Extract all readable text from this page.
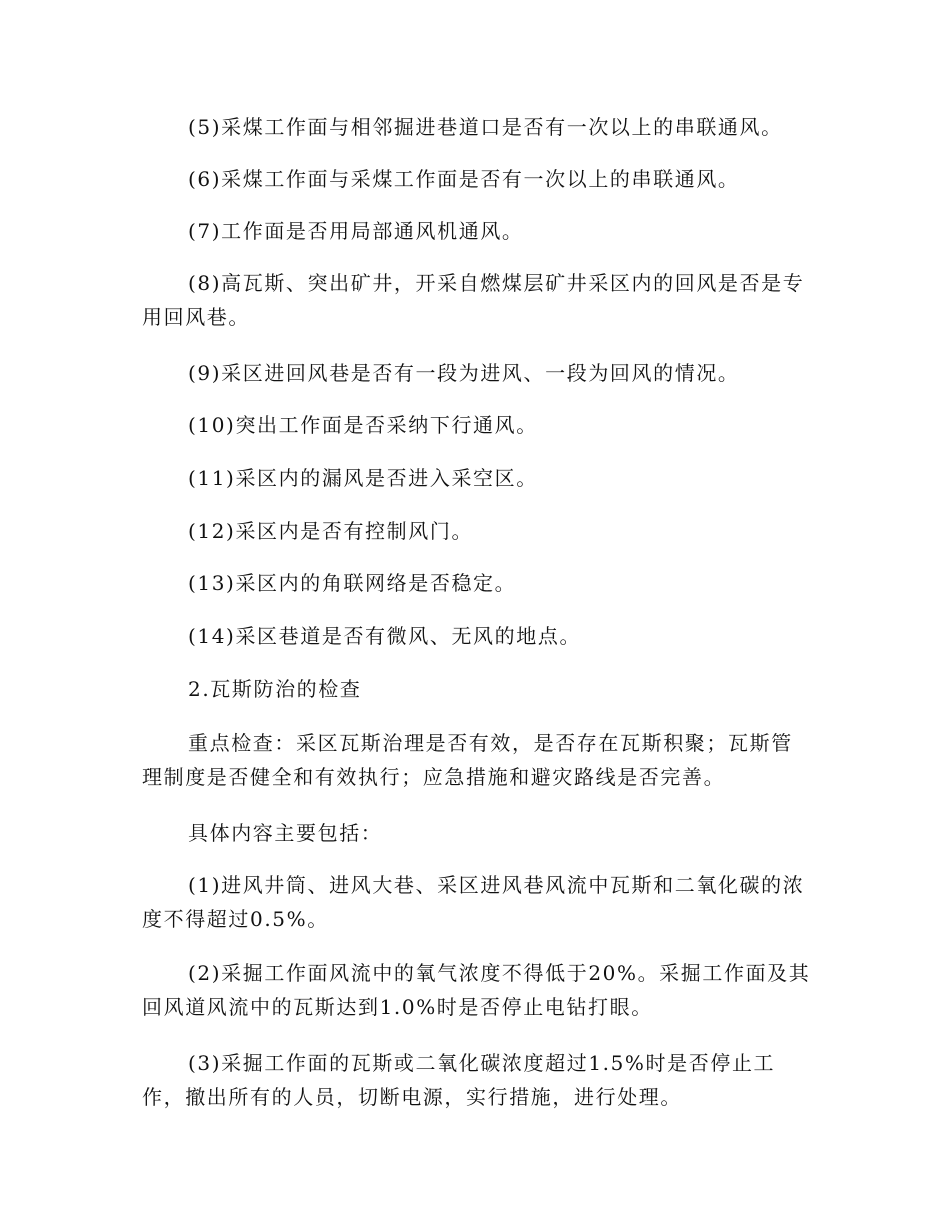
(5)采煤工作面与相邻掘进巷道口是否有一次以上的串联通风。

(6)采煤工作面与采煤工作面是否有一次以上的串联通风。

(7)工作面是否用局部通风机通风。

(8)高瓦斯、突出矿井，开采自燃煤层矿井采区内的回风是否是专用回风巷。

(9)采区进回风巷是否有一段为进风、一段为回风的情况。

(10)突出工作面是否采纳下行通风。

(11)采区内的漏风是否进入采空区。

(12)采区内是否有控制风门。

(13)采区内的角联网络是否稳定。

(14)采区巷道是否有微风、无风的地点。

2.瓦斯防治的检查

重点检查：采区瓦斯治理是否有效，是否存在瓦斯积聚；瓦斯管理制度是否健全和有效执行；应急措施和避灾路线是否完善。

具体内容主要包括：

(1)进风井筒、进风大巷、采区进风巷风流中瓦斯和二氧化碳的浓度不得超过0.5%。

(2)采掘工作面风流中的氧气浓度不得低于20%。采掘工作面及其回风道风流中的瓦斯达到1.0%时是否停止电钻打眼。

(3)采掘工作面的瓦斯或二氧化碳浓度超过1.5%时是否停止工作，撤出所有的人员，切断电源，实行措施，进行处理。
